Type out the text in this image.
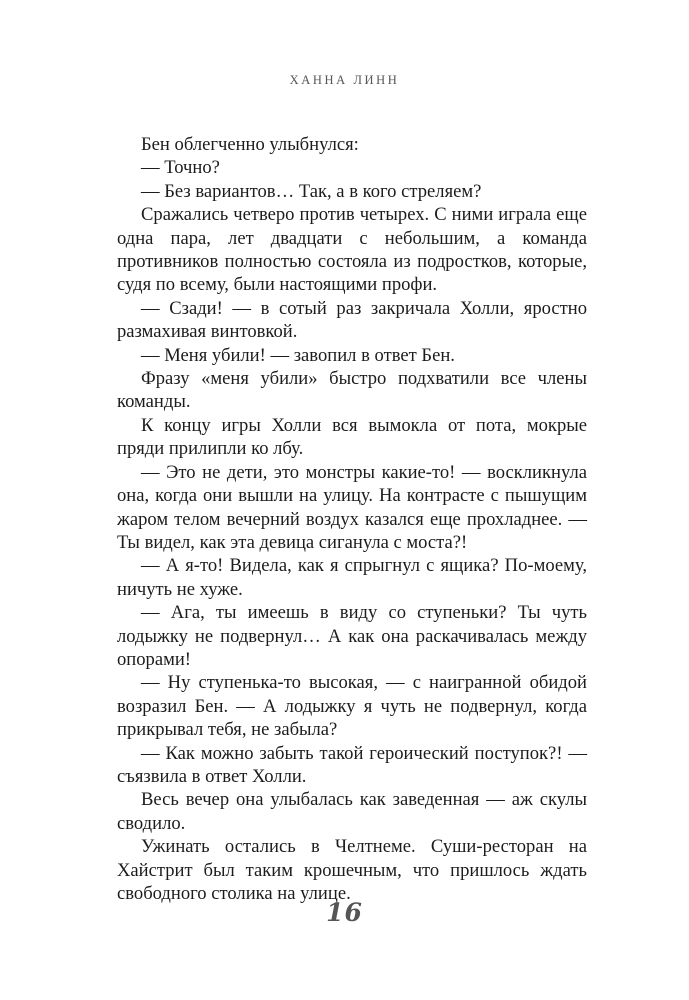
ХАННА ЛИНН

Бен облегченно улыбнулся:

— Точно?

— Без вариантов… Так, а в кого стреляем?

Сражались четверо против четырех. С ними играла еще одна пара, лет двадцати с небольшим, а команда противников полностью состояла из подростков, которые, судя по всему, были настоящими профи.

— Сзади! — в сотый раз закричала Холли, яростно размахивая винтовкой.

— Меня убили! — завопил в ответ Бен.

Фразу «меня убили» быстро подхватили все члены команды.

К концу игры Холли вся вымокла от пота, мокрые пряди прилипли ко лбу.

— Это не дети, это монстры какие-то! — воскликнула она, когда они вышли на улицу. На контрасте с пышущим жаром телом вечерний воздух казался еще прохладнее. — Ты видел, как эта девица сиганула с моста?!

— А я-то! Видела, как я спрыгнул с ящика? По-моему, ничуть не хуже.

— Ага, ты имеешь в виду со ступеньки? Ты чуть лодыжку не подвернул… А как она раскачивалась между опорами!

— Ну ступенька-то высокая, — с наигранной обидой возразил Бен. — А лодыжку я чуть не подвернул, когда прикрывал тебя, не забыла?

— Как можно забыть такой героический поступок?! — съязвила в ответ Холли.

Весь вечер она улыбалась как заведенная — аж скулы сводило.

Ужинать остались в Челтнеме. Суши-ресторан на Хайстрит был таким крошечным, что пришлось ждать свободного столика на улице.

16
